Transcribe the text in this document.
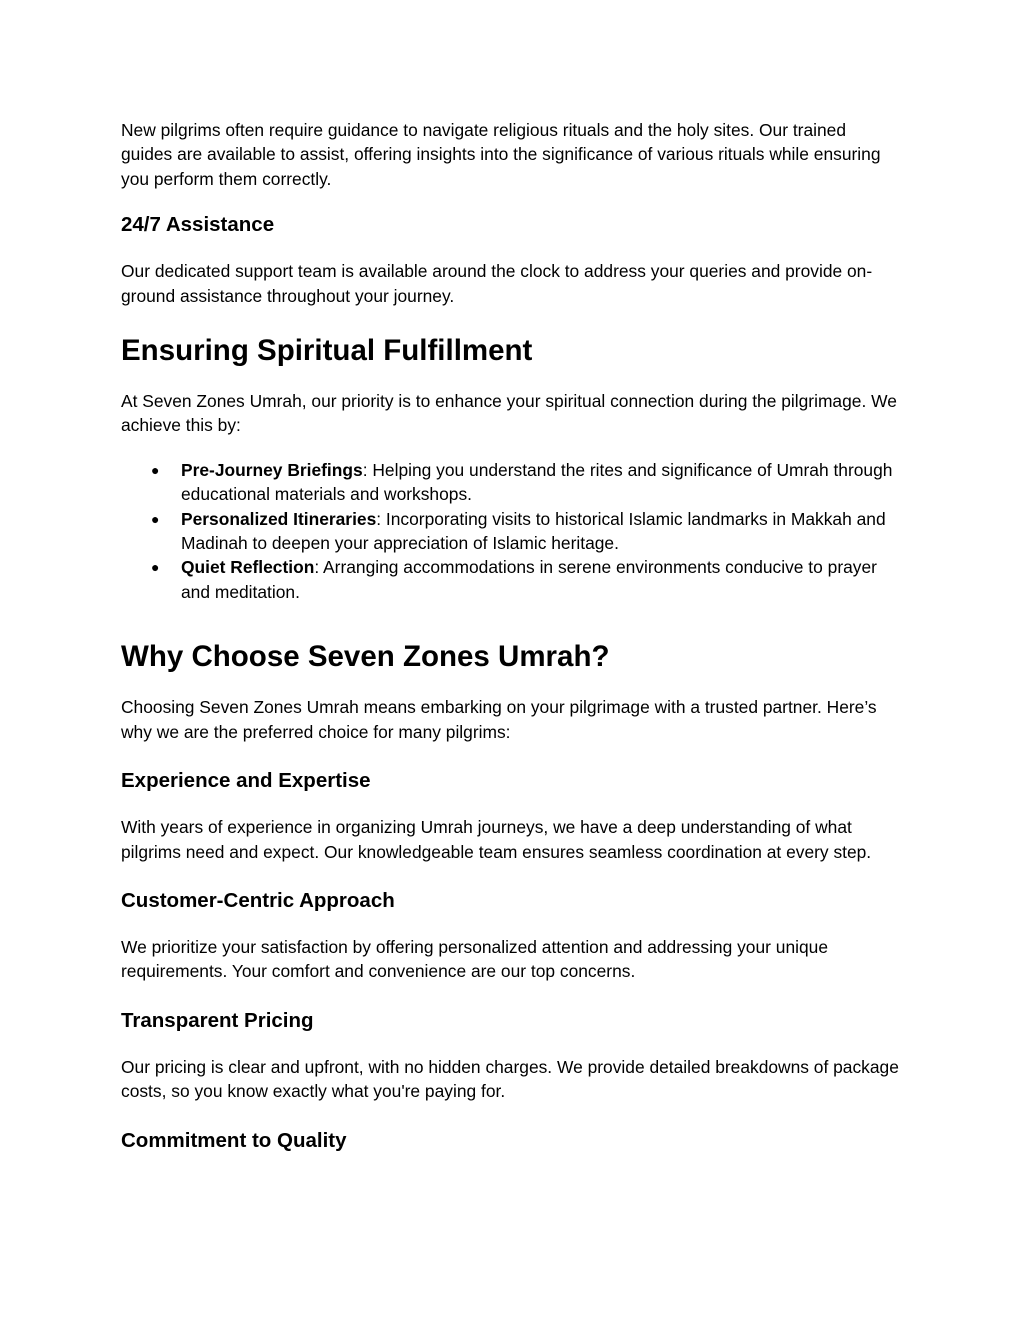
New pilgrims often require guidance to navigate religious rituals and the holy sites. Our trained guides are available to assist, offering insights into the significance of various rituals while ensuring you perform them correctly.

24/7 Assistance

Our dedicated support team is available around the clock to address your queries and provide on-ground assistance throughout your journey.

Ensuring Spiritual Fulfillment

At Seven Zones Umrah, our priority is to enhance your spiritual connection during the pilgrimage. We achieve this by:

● Pre-Journey Briefings: Helping you understand the rites and significance of Umrah through educational materials and workshops.
● Personalized Itineraries: Incorporating visits to historical Islamic landmarks in Makkah and Madinah to deepen your appreciation of Islamic heritage.
● Quiet Reflection: Arranging accommodations in serene environments conducive to prayer and meditation.
Why Choose Seven Zones Umrah?

Choosing Seven Zones Umrah means embarking on your pilgrimage with a trusted partner. Here’s why we are the preferred choice for many pilgrims:

Experience and Expertise

With years of experience in organizing Umrah journeys, we have a deep understanding of what pilgrims need and expect. Our knowledgeable team ensures seamless coordination at every step.

Customer-Centric Approach

We prioritize your satisfaction by offering personalized attention and addressing your unique requirements. Your comfort and convenience are our top concerns.

Transparent Pricing

Our pricing is clear and upfront, with no hidden charges. We provide detailed breakdowns of package costs, so you know exactly what you're paying for.

Commitment to Quality
